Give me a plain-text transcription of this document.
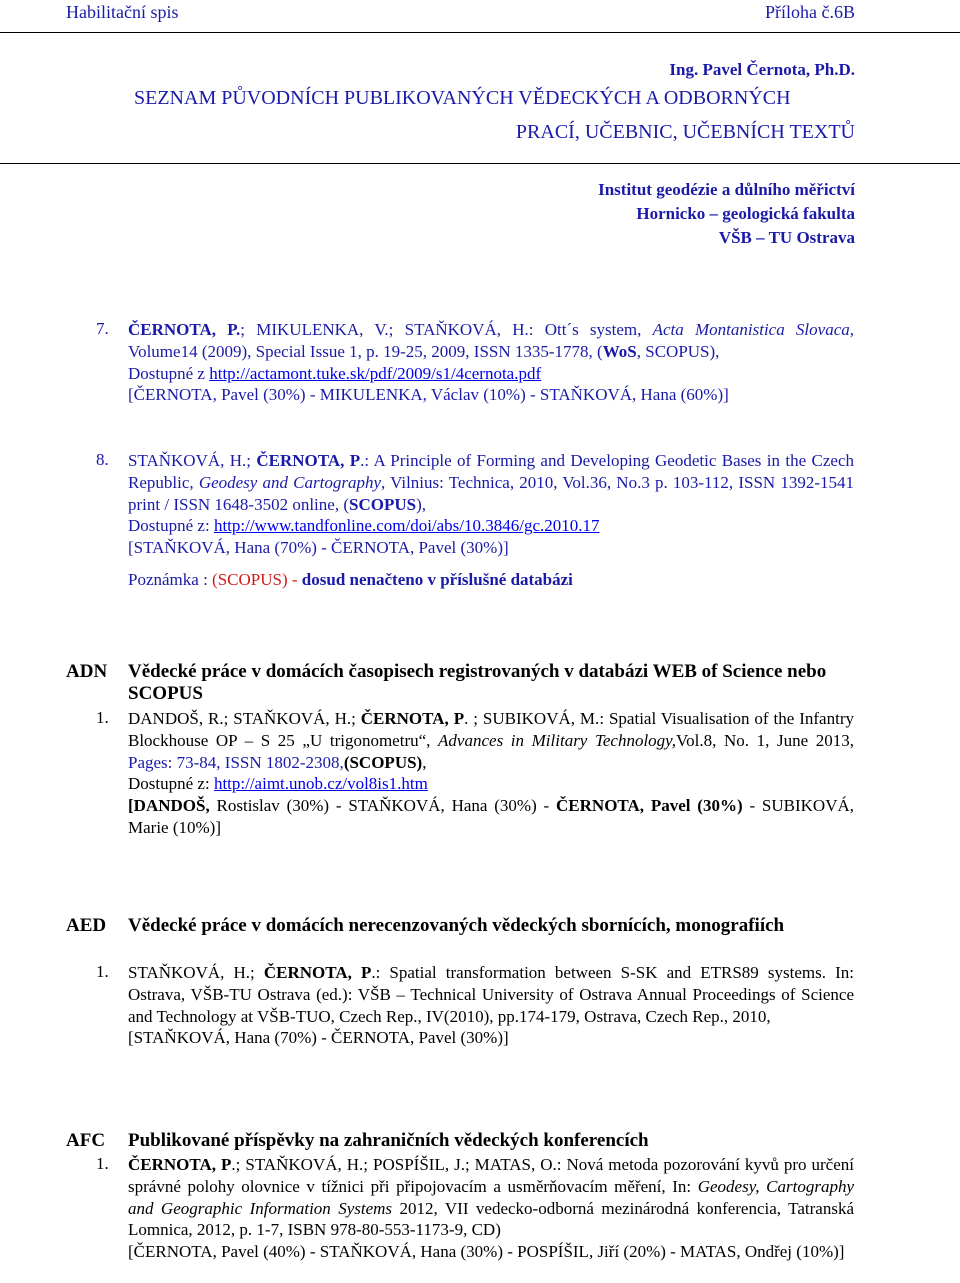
Habilitační spis	Příloha č.6B
Ing. Pavel Černota, Ph.D.
SEZNAM PŮVODNÍCH PUBLIKOVANÝCH VĚDECKÝCH A ODBORNÝCH
PRACÍ, UČEBNIC, UČEBNÍCH TEXTŮ
Institut geodézie a důlního měřictví
Hornicko – geologická fakulta
VŠB – TU Ostrava
7. ČERNOTA, P.; MIKULENKA, V.; STAŇKOVÁ, H.: Ott´s system, Acta Montanistica Slovaca, Volume14 (2009), Special Issue 1, p. 19-25, 2009, ISSN 1335-1778, (WoS, SCOPUS),
Dostupné z http://actamont.tuke.sk/pdf/2009/s1/4cernota.pdf
[ČERNOTA, Pavel (30%) - MIKULENKA, Václav (10%) - STAŇKOVÁ, Hana (60%)]
8. STAŇKOVÁ, H.; ČERNOTA, P.: A Principle of Forming and Developing Geodetic Bases in the Czech Republic, Geodesy and Cartography, Vilnius: Technica, 2010, Vol.36, No.3 p. 103-112, ISSN 1392-1541 print / ISSN 1648-3502 online, (SCOPUS),
Dostupné z: http://www.tandfonline.com/doi/abs/10.3846/gc.2010.17
[STAŇKOVÁ, Hana (70%) - ČERNOTA, Pavel (30%)]
Poznámka : (SCOPUS) - dosud nenačteno v příslušné databázi
ADN Vědecké práce v domácích časopisech registrovaných v databázi WEB of Science nebo SCOPUS
1. DANDOŠ, R.; STAŇKOVÁ, H.; ČERNOTA, P. ; SUBIKOVÁ, M.: Spatial Visualisation of the Infantry Blockhouse OP – S 25 „U trigonometru“, Advances in Military Technology,Vol.8, No. 1, June 2013, Pages: 73-84, ISSN 1802-2308,(SCOPUS),
Dostupné z: http://aimt.unob.cz/vol8is1.htm
[DANDOŠ, Rostislav (30%) - STAŇKOVÁ, Hana (30%) - ČERNOTA, Pavel (30%) - SUBIKOVÁ, Marie (10%)]
AED Vědecké práce v domácích nerecenzovaných vědeckých sbornících, monografiích
1. STAŇKOVÁ, H.; ČERNOTA, P.: Spatial transformation between S-SK and ETRS89 systems. In: Ostrava, VŠB-TU Ostrava (ed.): VŠB – Technical University of Ostrava Annual Proceedings of Science and Technology at VŠB-TUO, Czech Rep., IV(2010), pp.174-179, Ostrava, Czech Rep., 2010,
[STAŇKOVÁ, Hana (70%) - ČERNOTA, Pavel (30%)]
AFC Publikované příspěvky na zahraničních vědeckých konferencích
1. ČERNOTA, P.; STAŇKOVÁ, H.; POSPÍŠIL, J.; MATAS, O.: Nová metoda pozorování kyvů pro určení správné polohy olovnice v tížnici při připojovacím a usměrňovacím měření, In: Geodesy, Cartography and Geographic Information Systems 2012, VII vedecko-odborná mezinárodná konferencia, Tatranská Lomnica, 2012, p. 1-7, ISBN 978-80-553-1173-9, CD)
[ČERNOTA, Pavel (40%) - STAŇKOVÁ, Hana (30%) - POSPÍŠIL, Jiří (20%) - MATAS, Ondřej (10%)]
